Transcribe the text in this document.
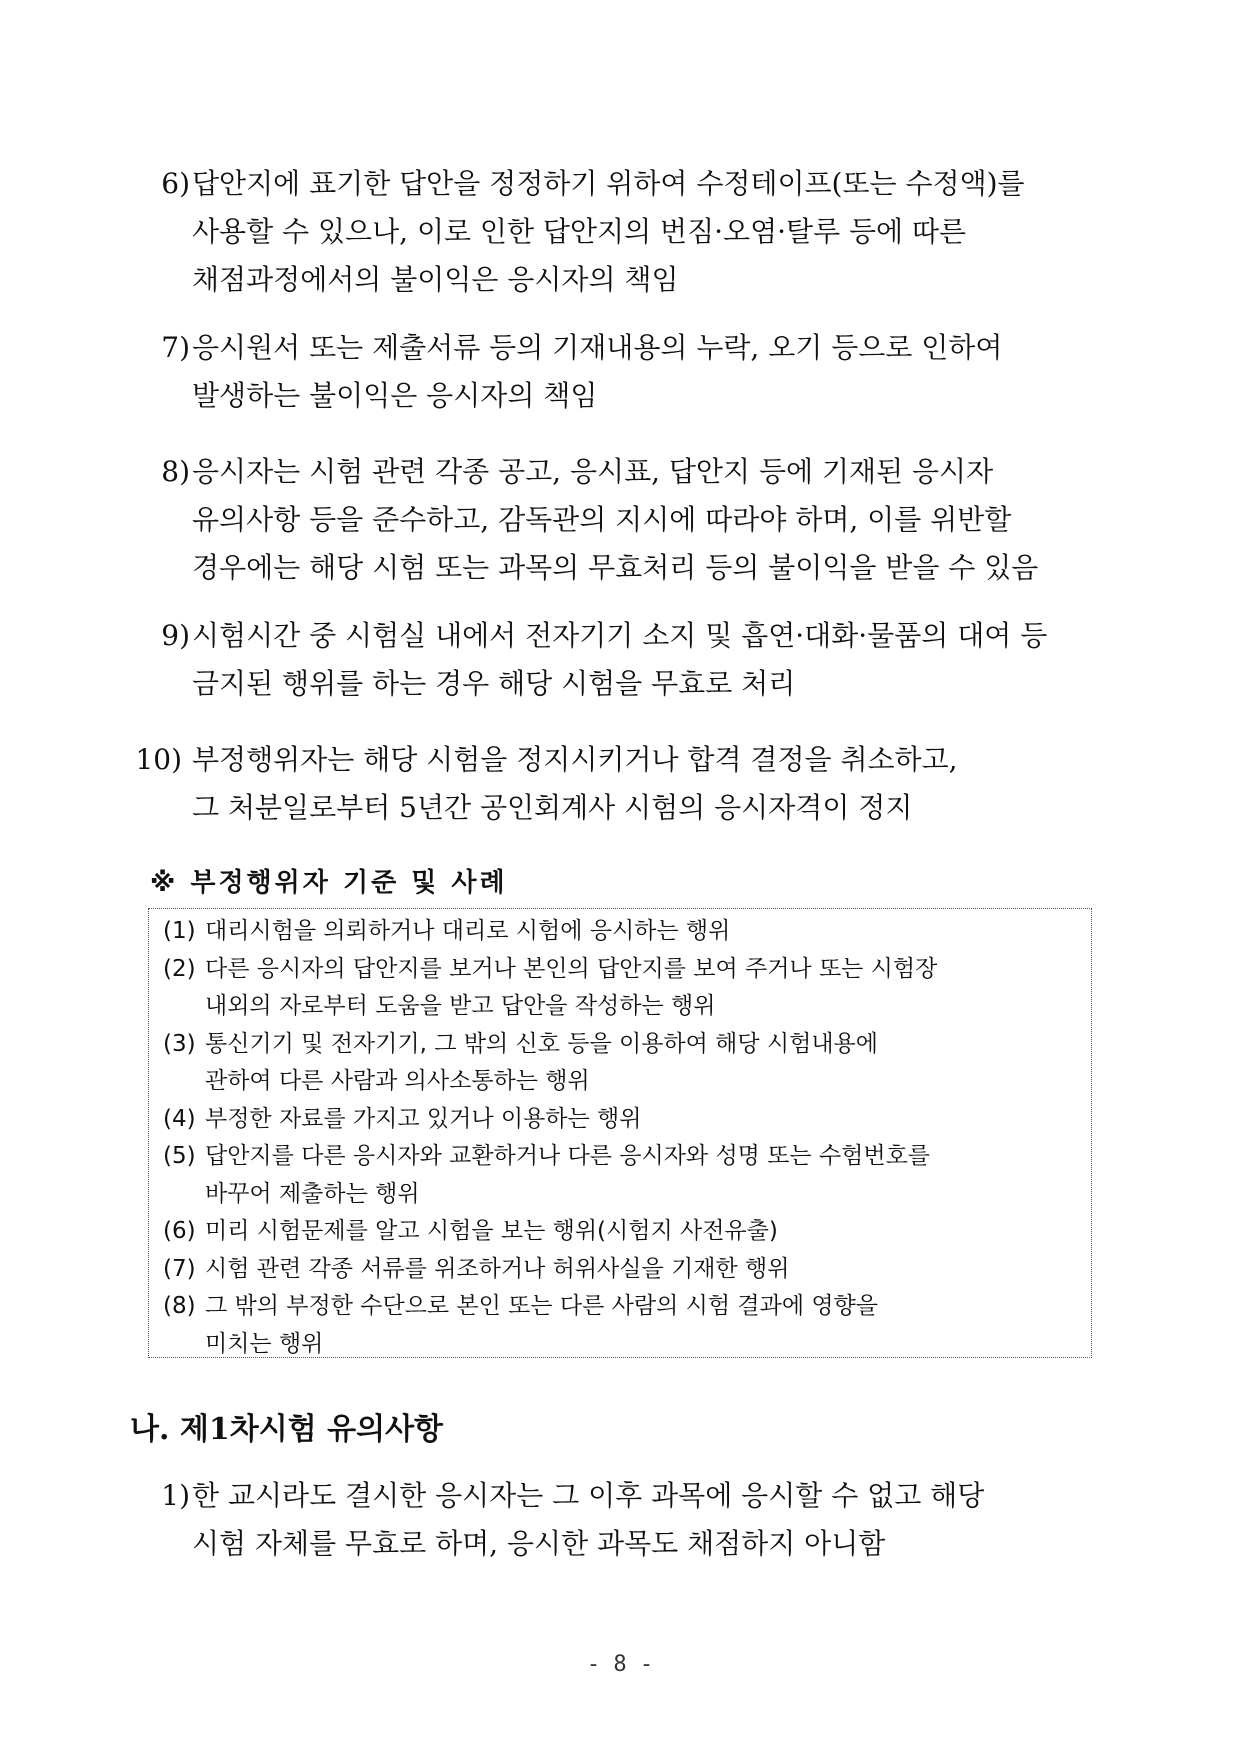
6) 답안지에 표기한 답안을 정정하기 위하여 수정테이프(또는 수정액)를
사용할 수 있으나, 이로 인한 답안지의 번짐·오염·탈루 등에 따른
채점과정에서의 불이익은 응시자의 책임
7) 응시원서 또는 제출서류 등의 기재내용의 누락, 오기 등으로 인하여
발생하는 불이익은 응시자의 책임
8) 응시자는 시험 관련 각종 공고, 응시표, 답안지 등에 기재된 응시자
유의사항 등을 준수하고, 감독관의 지시에 따라야 하며, 이를 위반할
경우에는 해당 시험 또는 과목의 무효처리 등의 불이익을 받을 수 있음
9) 시험시간 중 시험실 내에서 전자기기 소지 및 흡연·대화·물품의 대여 등
금지된 행위를 하는 경우 해당 시험을 무효로 처리
10) 부정행위자는 해당 시험을 정지시키거나 합격 결정을 취소하고,
그 처분일로부터 5년간 공인회계사 시험의 응시자격이 정지
※ 부정행위자 기준 및 사례
(1) 대리시험을 의뢰하거나 대리로 시험에 응시하는 행위
(2) 다른 응시자의 답안지를 보거나 본인의 답안지를 보여 주거나 또는 시험장
내외의 자로부터 도움을 받고 답안을 작성하는 행위
(3) 통신기기 및 전자기기, 그 밖의 신호 등을 이용하여 해당 시험내용에
관하여 다른 사람과 의사소통하는 행위
(4) 부정한 자료를 가지고 있거나 이용하는 행위
(5) 답안지를 다른 응시자와 교환하거나 다른 응시자와 성명 또는 수험번호를
바꾸어 제출하는 행위
(6) 미리 시험문제를 알고 시험을 보는 행위(시험지 사전유출)
(7) 시험 관련 각종 서류를 위조하거나 허위사실을 기재한 행위
(8) 그 밖의 부정한 수단으로 본인 또는 다른 사람의 시험 결과에 영향을
미치는 행위
나. 제1차시험 유의사항
1) 한 교시라도 결시한 응시자는 그 이후 과목에 응시할 수 없고 해당
시험 자체를 무효로 하며, 응시한 과목도 채점하지 아니함
- 8 -
